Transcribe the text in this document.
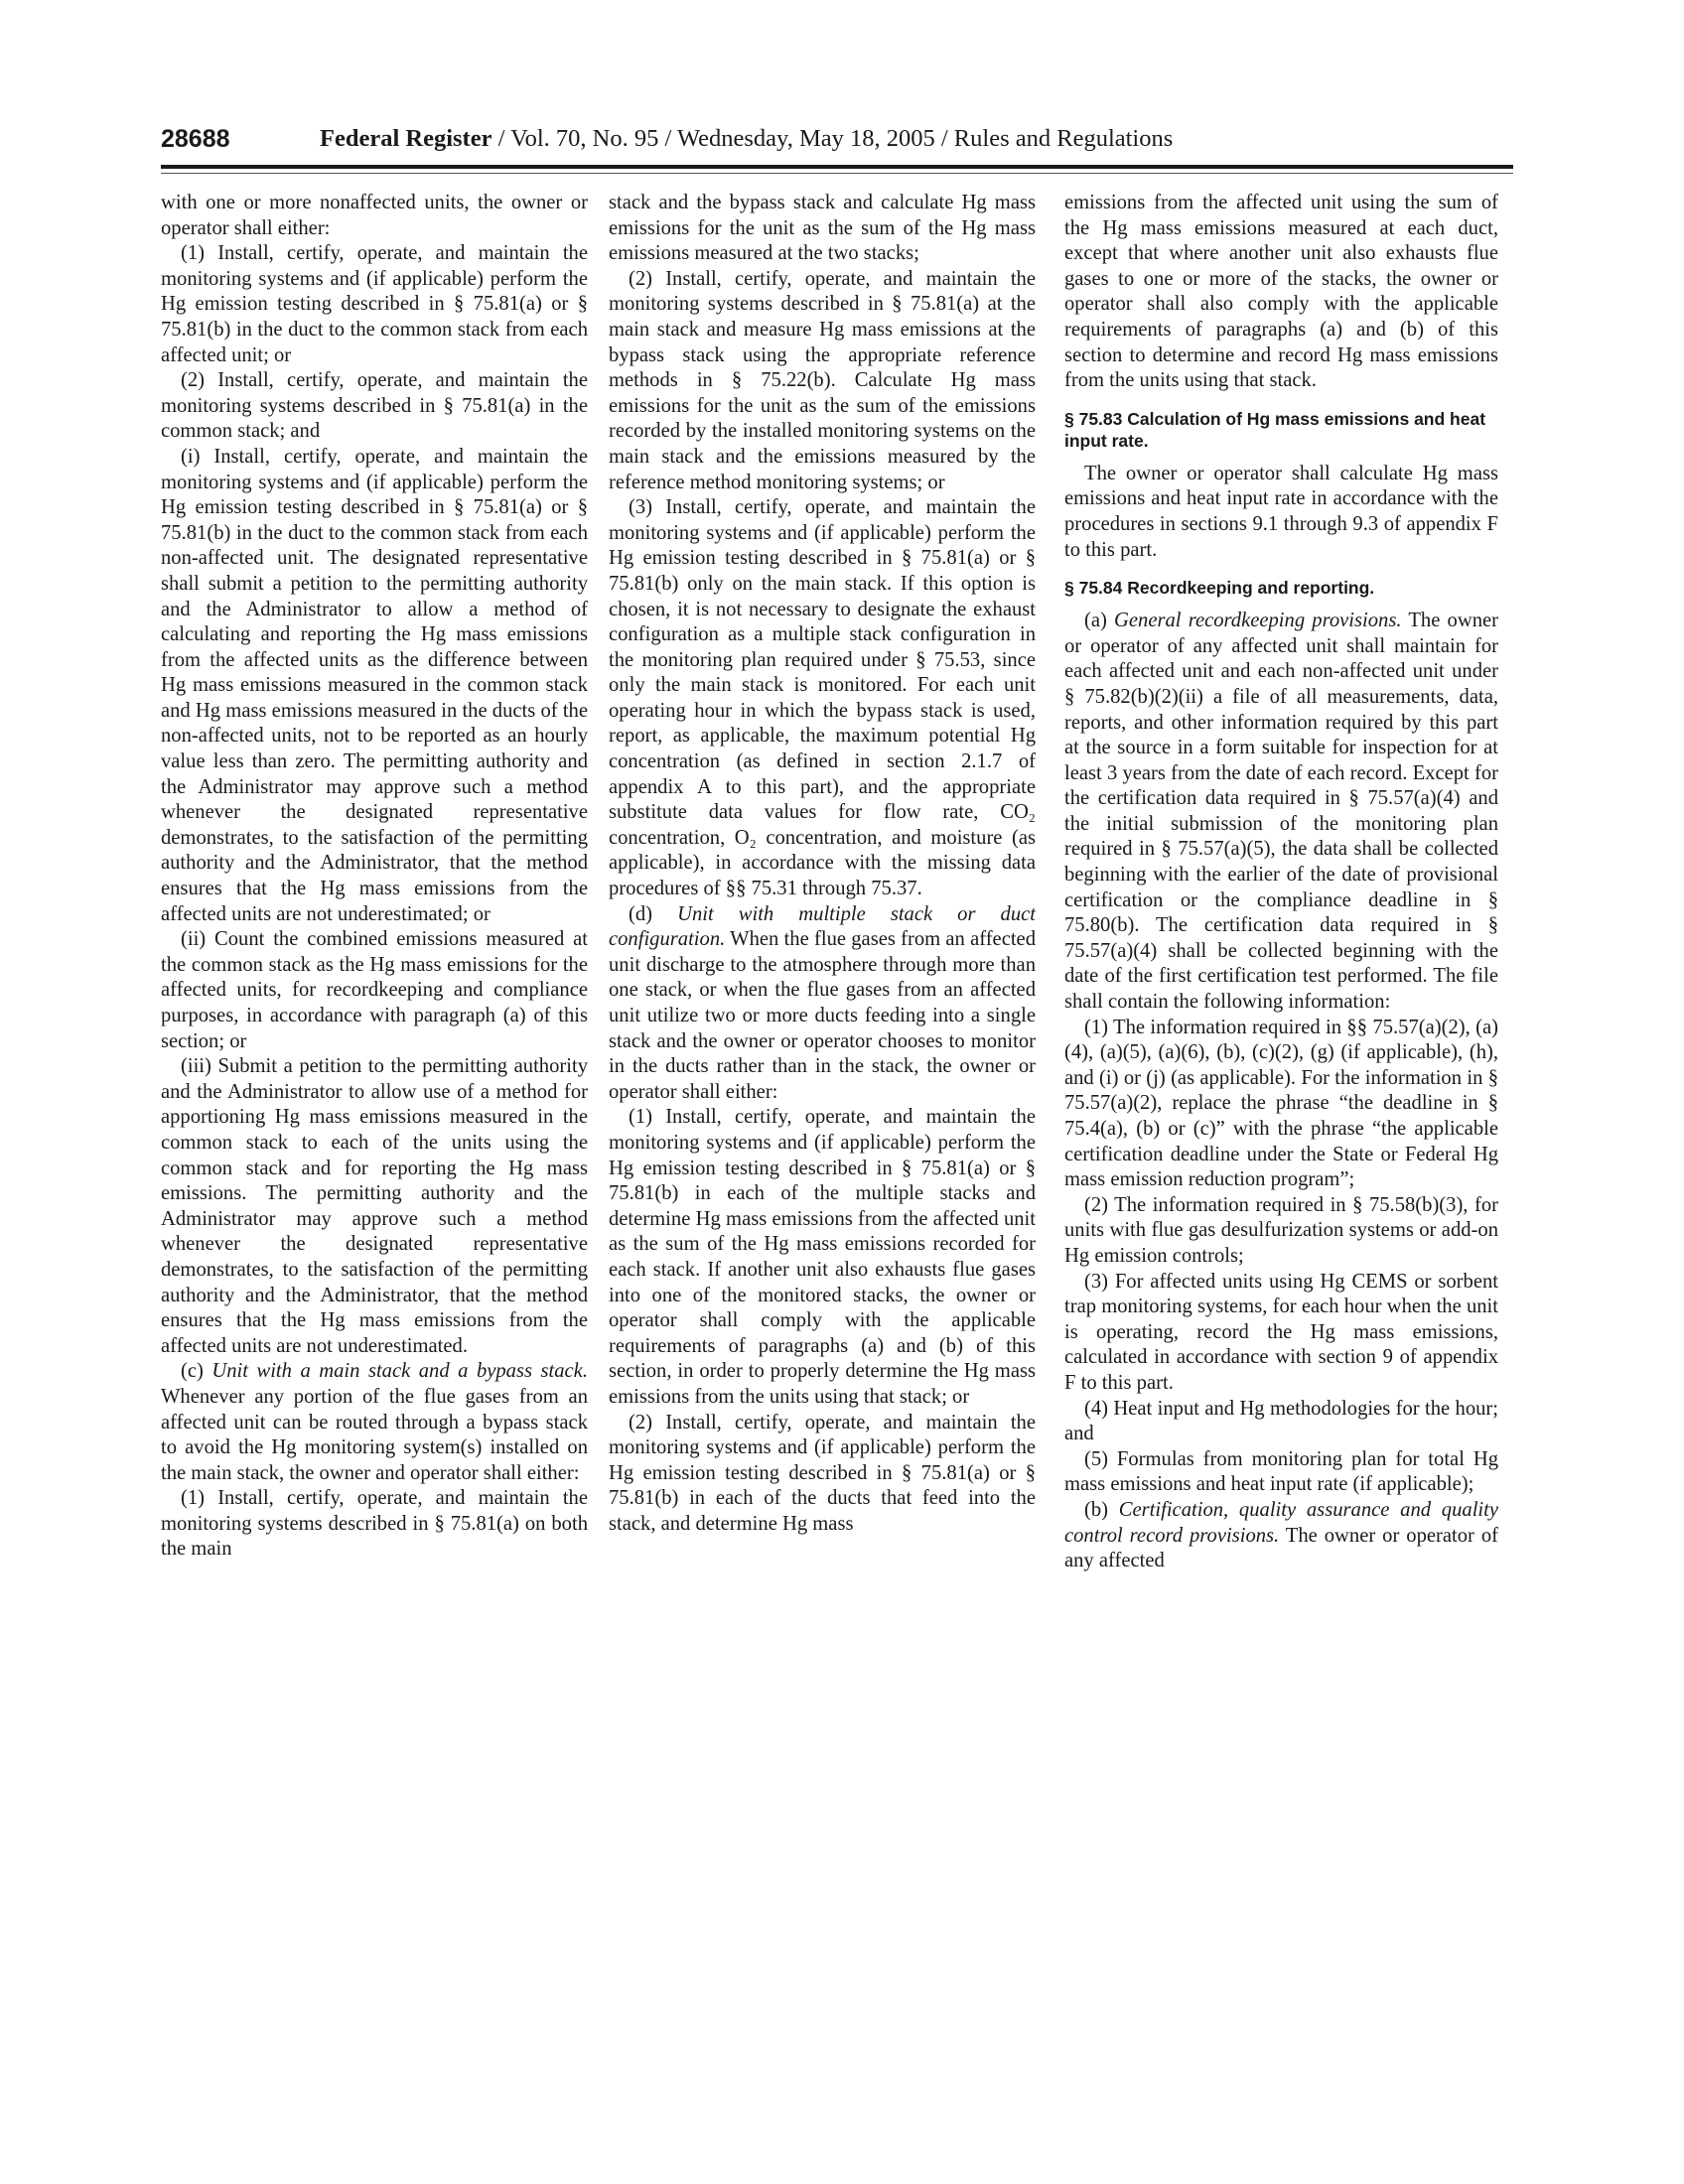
28688	Federal Register / Vol. 70, No. 95 / Wednesday, May 18, 2005 / Rules and Regulations

with one or more nonaffected units, the owner or operator shall either:

(1) Install, certify, operate, and maintain the monitoring systems and (if applicable) perform the Hg emission testing described in § 75.81(a) or § 75.81(b) in the duct to the common stack from each affected unit; or

(2) Install, certify, operate, and maintain the monitoring systems described in § 75.81(a) in the common stack; and

(i) Install, certify, operate, and maintain the monitoring systems and (if applicable) perform the Hg emission testing described in § 75.81(a) or § 75.81(b) in the duct to the common stack from each non-affected unit. The designated representative shall submit a petition to the permitting authority and the Administrator to allow a method of calculating and reporting the Hg mass emissions from the affected units as the difference between Hg mass emissions measured in the common stack and Hg mass emissions measured in the ducts of the non-affected units, not to be reported as an hourly value less than zero. The permitting authority and the Administrator may approve such a method whenever the designated representative demonstrates, to the satisfaction of the permitting authority and the Administrator, that the method ensures that the Hg mass emissions from the affected units are not underestimated; or

(ii) Count the combined emissions measured at the common stack as the Hg mass emissions for the affected units, for recordkeeping and compliance purposes, in accordance with paragraph (a) of this section; or

(iii) Submit a petition to the permitting authority and the Administrator to allow use of a method for apportioning Hg mass emissions measured in the common stack to each of the units using the common stack and for reporting the Hg mass emissions. The permitting authority and the Administrator may approve such a method whenever the designated representative demonstrates, to the satisfaction of the permitting authority and the Administrator, that the method ensures that the Hg mass emissions from the affected units are not underestimated.

(c) Unit with a main stack and a bypass stack. Whenever any portion of the flue gases from an affected unit can be routed through a bypass stack to avoid the Hg monitoring system(s) installed on the main stack, the owner and operator shall either:

(1) Install, certify, operate, and maintain the monitoring systems described in § 75.81(a) on both the main

stack and the bypass stack and calculate Hg mass emissions for the unit as the sum of the Hg mass emissions measured at the two stacks;

(2) Install, certify, operate, and maintain the monitoring systems described in § 75.81(a) at the main stack and measure Hg mass emissions at the bypass stack using the appropriate reference methods in § 75.22(b). Calculate Hg mass emissions for the unit as the sum of the emissions recorded by the installed monitoring systems on the main stack and the emissions measured by the reference method monitoring systems; or

(3) Install, certify, operate, and maintain the monitoring systems and (if applicable) perform the Hg emission testing described in § 75.81(a) or § 75.81(b) only on the main stack. If this option is chosen, it is not necessary to designate the exhaust configuration as a multiple stack configuration in the monitoring plan required under § 75.53, since only the main stack is monitored. For each unit operating hour in which the bypass stack is used, report, as applicable, the maximum potential Hg concentration (as defined in section 2.1.7 of appendix A to this part), and the appropriate substitute data values for flow rate, CO₂ concentration, O₂ concentration, and moisture (as applicable), in accordance with the missing data procedures of §§ 75.31 through 75.37.

(d) Unit with multiple stack or duct configuration. When the flue gases from an affected unit discharge to the atmosphere through more than one stack, or when the flue gases from an affected unit utilize two or more ducts feeding into a single stack and the owner or operator chooses to monitor in the ducts rather than in the stack, the owner or operator shall either:

(1) Install, certify, operate, and maintain the monitoring systems and (if applicable) perform the Hg emission testing described in § 75.81(a) or § 75.81(b) in each of the multiple stacks and determine Hg mass emissions from the affected unit as the sum of the Hg mass emissions recorded for each stack. If another unit also exhausts flue gases into one of the monitored stacks, the owner or operator shall comply with the applicable requirements of paragraphs (a) and (b) of this section, in order to properly determine the Hg mass emissions from the units using that stack; or

(2) Install, certify, operate, and maintain the monitoring systems and (if applicable) perform the Hg emission testing described in § 75.81(a) or § 75.81(b) in each of the ducts that feed into the stack, and determine Hg mass

emissions from the affected unit using the sum of the Hg mass emissions measured at each duct, except that where another unit also exhausts flue gases to one or more of the stacks, the owner or operator shall also comply with the applicable requirements of paragraphs (a) and (b) of this section to determine and record Hg mass emissions from the units using that stack.

§ 75.83 Calculation of Hg mass emissions and heat input rate.

The owner or operator shall calculate Hg mass emissions and heat input rate in accordance with the procedures in sections 9.1 through 9.3 of appendix F to this part.

§ 75.84 Recordkeeping and reporting.

(a) General recordkeeping provisions. The owner or operator of any affected unit shall maintain for each affected unit and each non-affected unit under § 75.82(b)(2)(ii) a file of all measurements, data, reports, and other information required by this part at the source in a form suitable for inspection for at least 3 years from the date of each record. Except for the certification data required in § 75.57(a)(4) and the initial submission of the monitoring plan required in § 75.57(a)(5), the data shall be collected beginning with the earlier of the date of provisional certification or the compliance deadline in § 75.80(b). The certification data required in § 75.57(a)(4) shall be collected beginning with the date of the first certification test performed. The file shall contain the following information:

(1) The information required in §§ 75.57(a)(2), (a)(4), (a)(5), (a)(6), (b), (c)(2), (g) (if applicable), (h), and (i) or (j) (as applicable). For the information in § 75.57(a)(2), replace the phrase “the deadline in § 75.4(a), (b) or (c)” with the phrase “the applicable certification deadline under the State or Federal Hg mass emission reduction program”;

(2) The information required in § 75.58(b)(3), for units with flue gas desulfurization systems or add-on Hg emission controls;

(3) For affected units using Hg CEMS or sorbent trap monitoring systems, for each hour when the unit is operating, record the Hg mass emissions, calculated in accordance with section 9 of appendix F to this part.

(4) Heat input and Hg methodologies for the hour; and

(5) Formulas from monitoring plan for total Hg mass emissions and heat input rate (if applicable);

(b) Certification, quality assurance and quality control record provisions. The owner or operator of any affected
